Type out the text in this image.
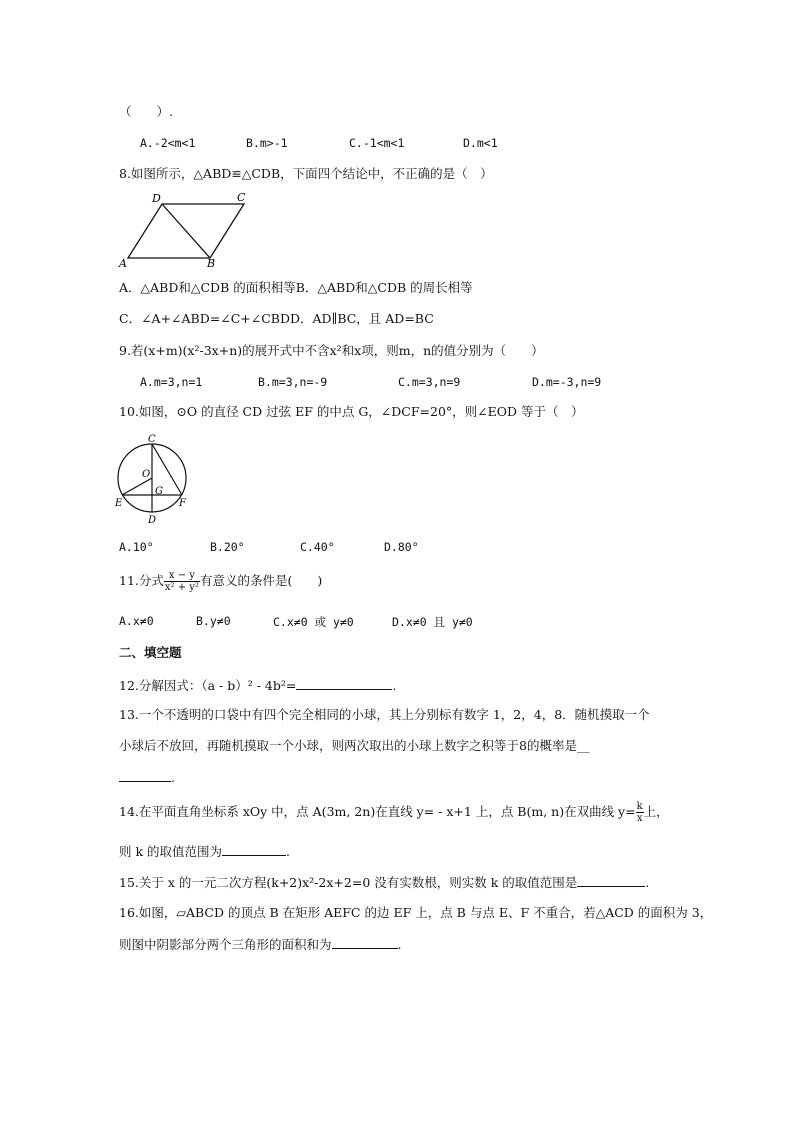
（　　）.
A.-2<m<1	B.m>-1	C.-1<m<1	D.m<1
8.如图所示，△ABD≌△CDB，下面四个结论中，不正确的是（　）
D	C
A	B
A．△ABD和△CDB 的面积相等B．△ABD和△CDB 的周长相等
C．∠A+∠ABD=∠C+∠CBDD．AD∥BC，且 AD=BC
9.若(x+m)(x²-3x+n)的展开式中不含x²和x项，则m，n的值分别为（　　）
A.m=3,n=1	B.m=3,n=-9	C.m=3,n=9	D.m=-3,n=9
10.如图，⊙O 的直径 CD 过弦 EF 的中点 G，∠DCF=20°，则∠EOD 等于（　）
C
O
G
E	F
D
A.10°	B.20°	C.40°	D.80°
11.分式 $\frac{x - y}{\text{x² + y²}}$ 有意义的条件是(　　)
A.x≠0	B.y≠0	C.x≠0 或 y≠0	D.x≠0 且 y≠0
二、填空题
12.分解因式：（a - b）² - 4b²=	.
13.一个不透明的口袋中有四个完全相同的小球，其上分别标有数字 1，2，4，8．随机摸取一个
小球后不放回，再随机摸取一个小球，则两次取出的小球上数字之积等于8的概率是__
.
14.在平面直角坐标系 xOy 中，点 A(3m, 2n)在直线 y= - x+1 上，点 B(m, n)在双曲线 $y= \frac{k}{x}$ 上，
则 k 的取值范围为	.
15.关于 x 的一元二次方程(k+2)x²-2x+2=0 没有实数根，则实数 k 的取值范围是	.
16.如图，▱ABCD 的顶点 B 在矩形 AEFC 的边 EF 上，点 B 与点 E、F 不重合，若△ACD 的面积为 3，
则图中阴影部分两个三角形的面积和为	.
